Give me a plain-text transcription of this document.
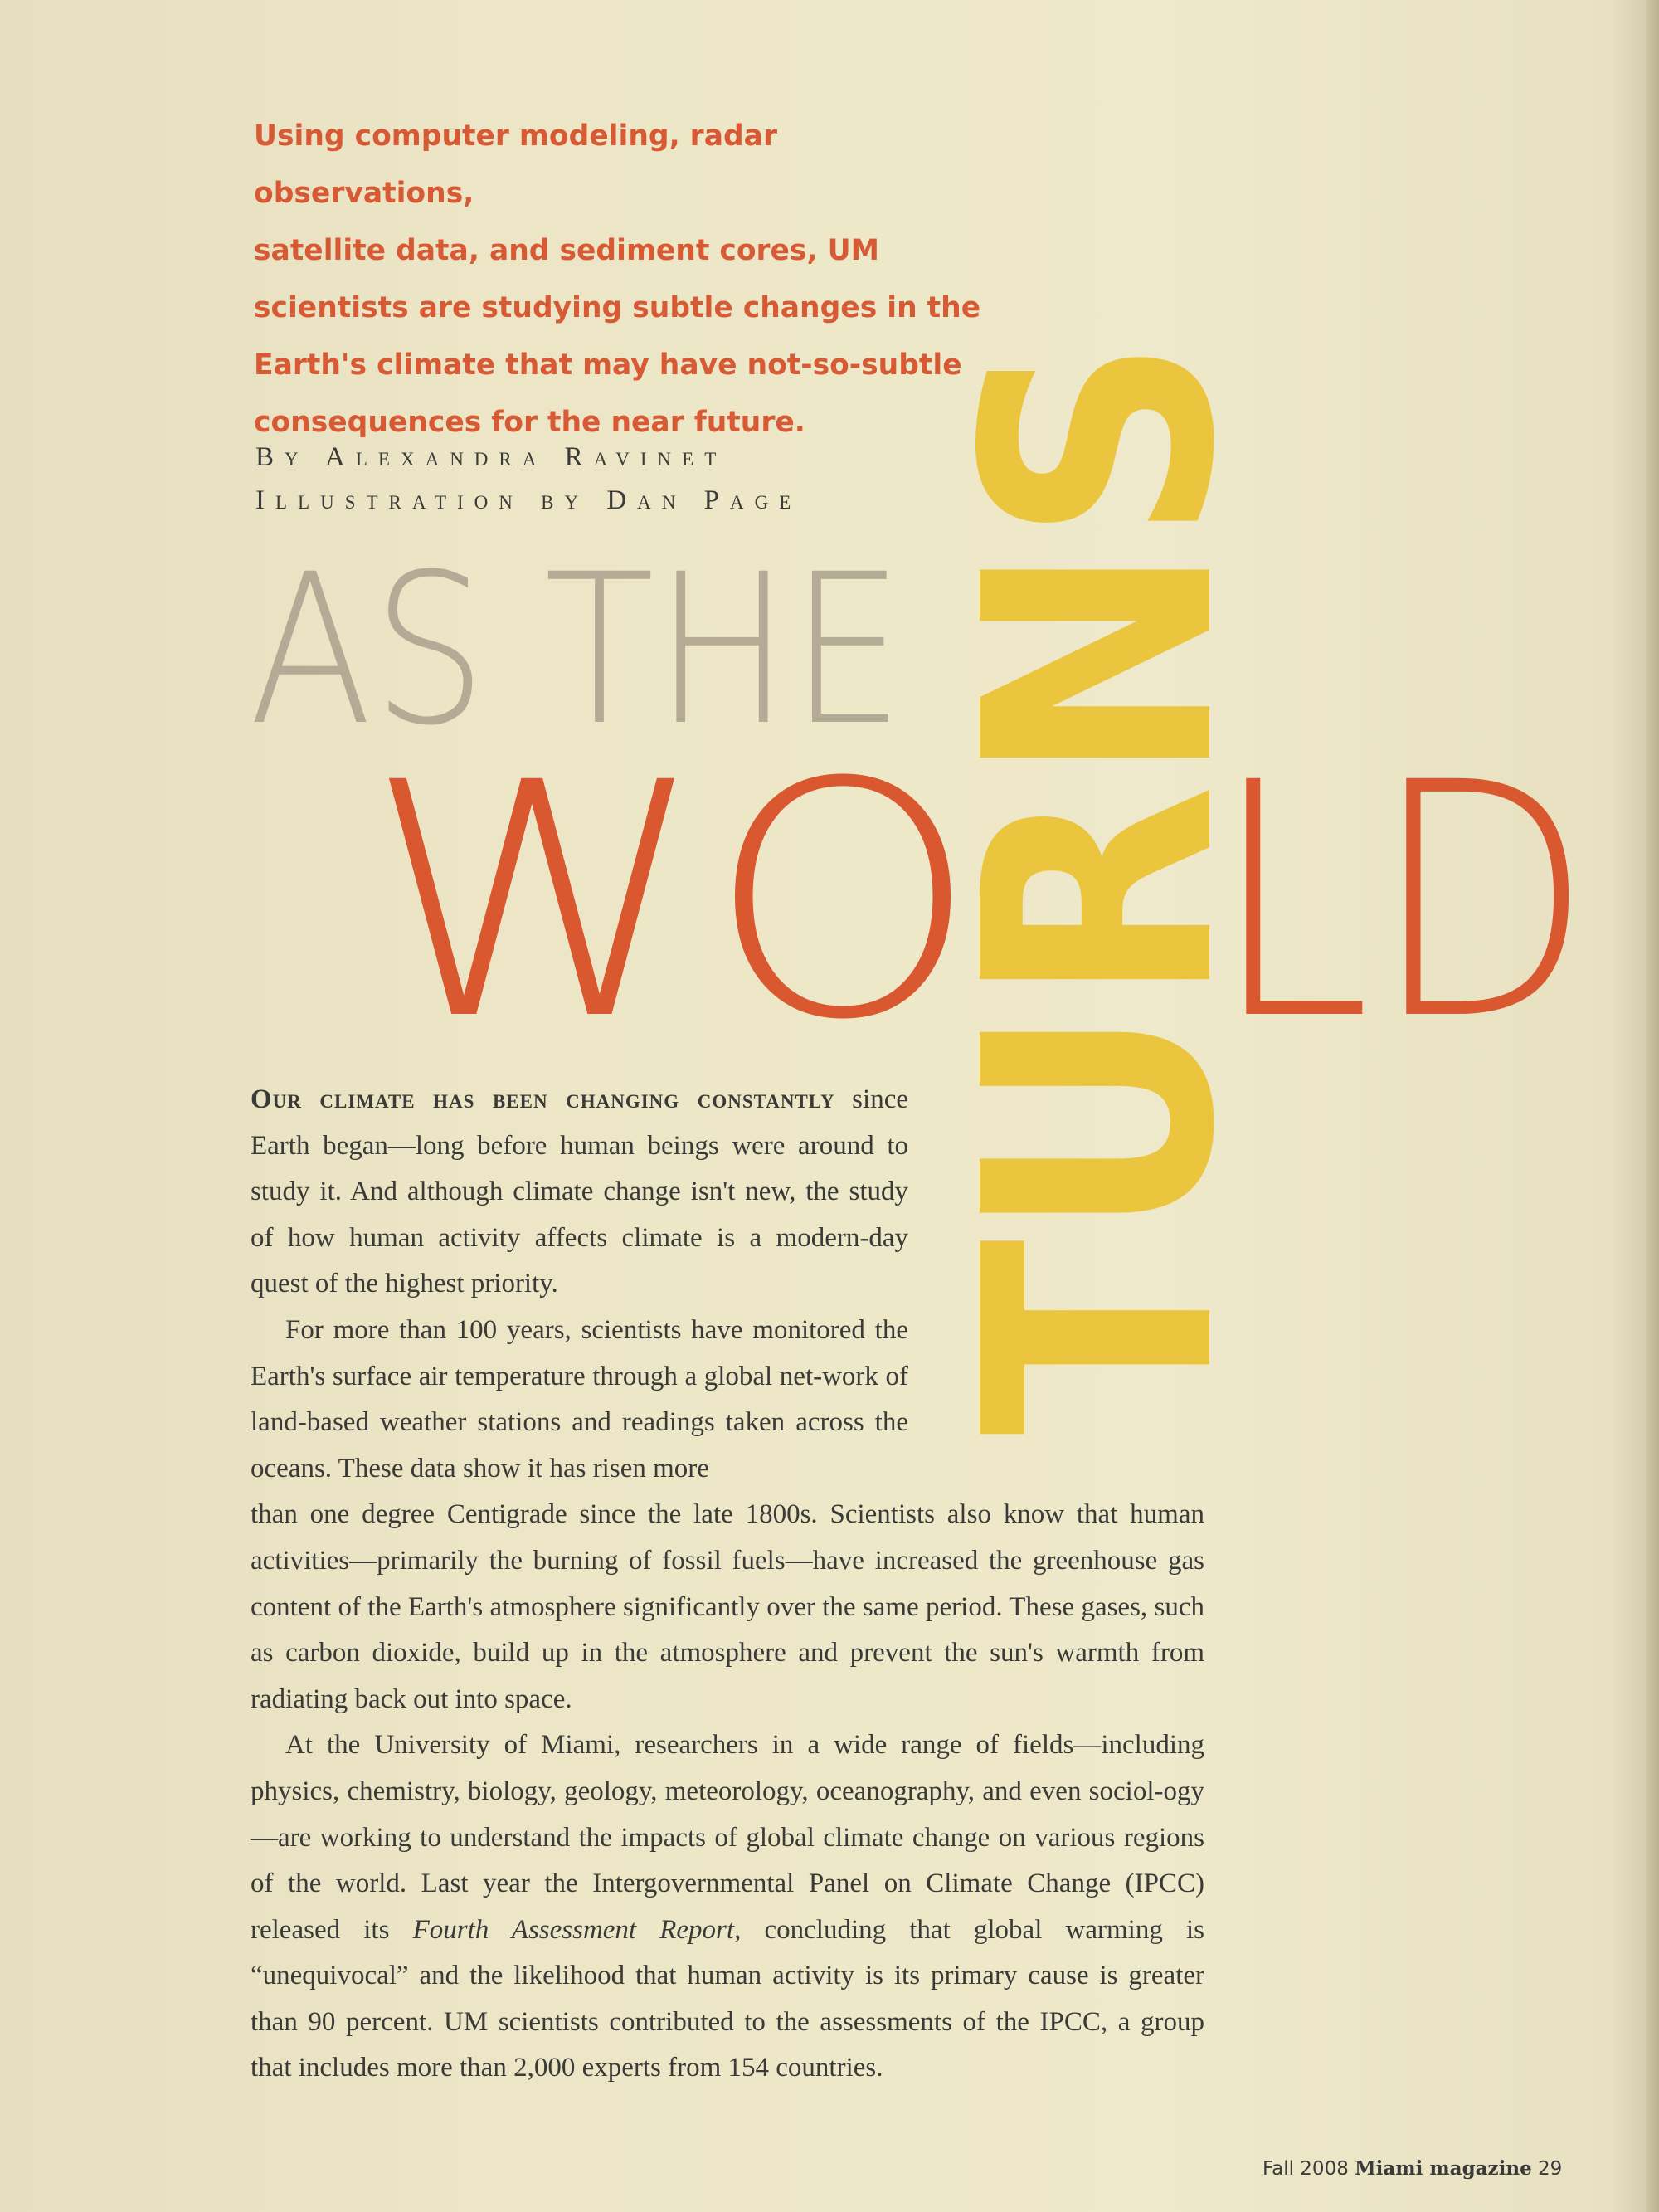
Using computer modeling, radar observations,
satellite data, and sediment cores, UM
scientists are studying subtle changes in the
Earth's climate that may have not-so-subtle
consequences for the near future.
By Alexandra Ravinet
Illustration by Dan Page
AS THE
WO LD
TURNS

Our climate has been changing constantly since Earth began—long before human beings were around to study it. And although climate change isn't new, the study of how human activity affects climate is a modern-day quest of the highest priority.

For more than 100 years, scientists have monitored the Earth's surface air temperature through a global net-work of land-based weather stations and readings taken across the oceans. These data show it has risen more

than one degree Centigrade since the late 1800s. Scientists also know that human activities—primarily the burning of fossil fuels—have increased the greenhouse gas content of the Earth's atmosphere significantly over the same period. These gases, such as carbon dioxide, build up in the atmosphere and prevent the sun's warmth from radiating back out into space.

At the University of Miami, researchers in a wide range of fields—including physics, chemistry, biology, geology, meteorology, oceanography, and even sociol-ogy—are working to understand the impacts of global climate change on various regions of the world. Last year the Intergovernmental Panel on Climate Change (IPCC) released its Fourth Assessment Report, concluding that global warming is “unequivocal” and the likelihood that human activity is its primary cause is greater than 90 percent. UM scientists contributed to the assessments of the IPCC, a group that includes more than 2,000 experts from 154 countries.

Fall 2008 Miami magazine 29
